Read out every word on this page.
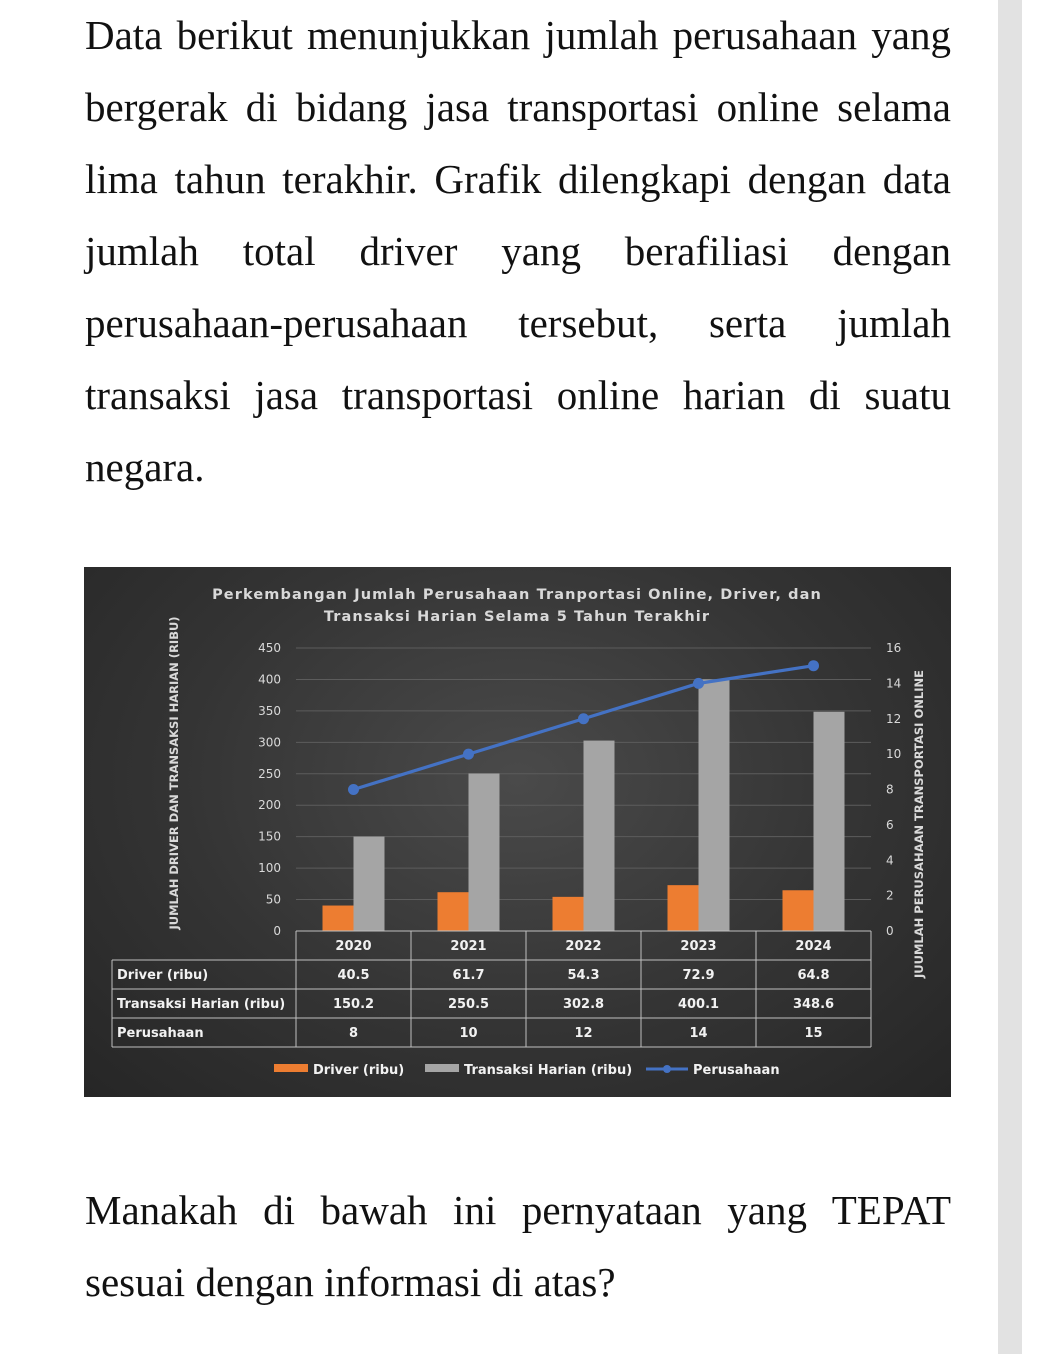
Data berikut menunjukkan jumlah perusahaan yang bergerak di bidang jasa transportasi online selama lima tahun terakhir. Grafik dilengkapi dengan data jumlah total driver yang berafiliasi dengan perusahaan-perusahaan tersebut, serta jumlah transaksi jasa transportasi online harian di suatu negara.

Perkembangan Jumlah Perusahaan Tranportasi Online, Driver, dan
Transaksi Harian Selama 5 Tahun Terakhir
0
50
100
150
200
250
300
350
400
450
0
2
4
6
8
10
12
14
16
JUMLAH DRIVER DAN TRANSAKSI HARIAN (RIBU)	JUUMLAH PERUSAHAAN TRANSPORTASI ONLINE
2020	2021	2022	2023	2024
Driver (ribu)	40.5	61.7	54.3	72.9	64.8
Transaksi Harian (ribu)	150.2	250.5	302.8	400.1	348.6
Perusahaan	8	10	12	14	15
Driver (ribu)	Transaksi Harian (ribu)	Perusahaan

Manakah di bawah ini pernyataan yang TEPAT sesuai dengan informasi di atas?
